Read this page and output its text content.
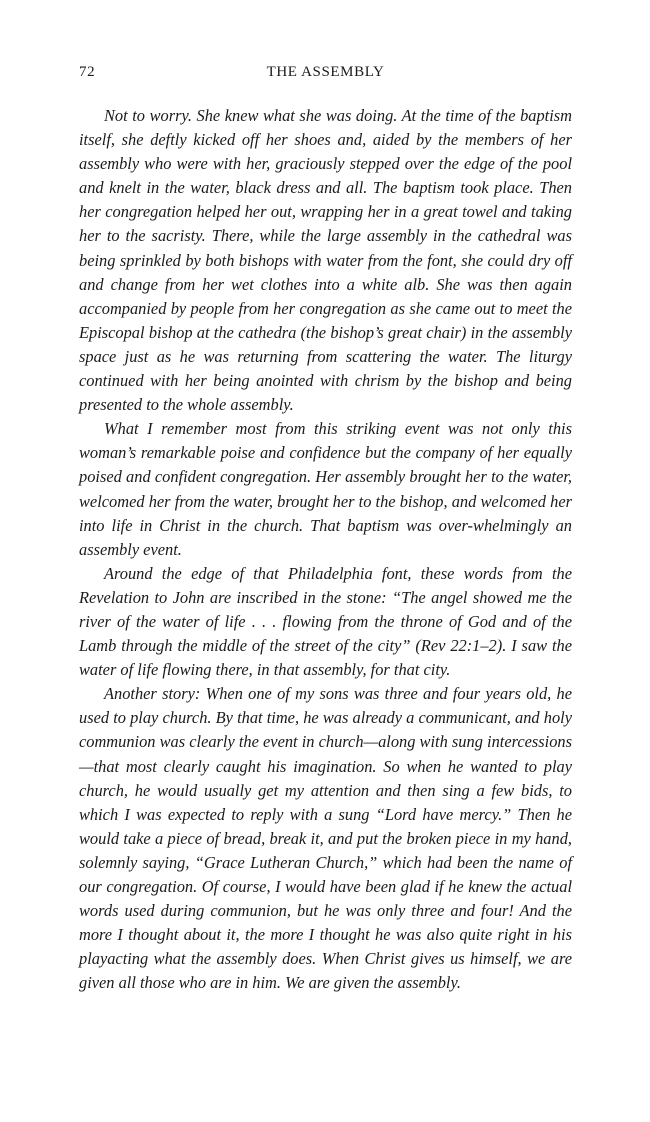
72	THE ASSEMBLY

Not to worry. She knew what she was doing. At the time of the baptism itself, she deftly kicked off her shoes and, aided by the members of her assembly who were with her, graciously stepped over the edge of the pool and knelt in the water, black dress and all. The baptism took place. Then her congregation helped her out, wrapping her in a great towel and taking her to the sacristy. There, while the large assembly in the cathedral was being sprinkled by both bishops with water from the font, she could dry off and change from her wet clothes into a white alb. She was then again accompanied by people from her congregation as she came out to meet the Episcopal bishop at the cathedra (the bishop’s great chair) in the assembly space just as he was returning from scattering the water. The liturgy continued with her being anointed with chrism by the bishop and being presented to the whole assembly.

What I remember most from this striking event was not only this woman’s remarkable poise and confidence but the company of her equally poised and confident congregation. Her assembly brought her to the water, welcomed her from the water, brought her to the bishop, and welcomed her into life in Christ in the church. That baptism was over-whelmingly an assembly event.

Around the edge of that Philadelphia font, these words from the Revelation to John are inscribed in the stone: “The angel showed me the river of the water of life . . . flowing from the throne of God and of the Lamb through the middle of the street of the city” (Rev 22:1–2). I saw the water of life flowing there, in that assembly, for that city.

Another story: When one of my sons was three and four years old, he used to play church. By that time, he was already a communicant, and holy communion was clearly the event in church—along with sung intercessions—that most clearly caught his imagination. So when he wanted to play church, he would usually get my attention and then sing a few bids, to which I was expected to reply with a sung “Lord have mercy.” Then he would take a piece of bread, break it, and put the broken piece in my hand, solemnly saying, “Grace Lutheran Church,” which had been the name of our congregation. Of course, I would have been glad if he knew the actual words used during communion, but he was only three and four! And the more I thought about it, the more I thought he was also quite right in his playacting what the assembly does. When Christ gives us himself, we are given all those who are in him. We are given the assembly.
